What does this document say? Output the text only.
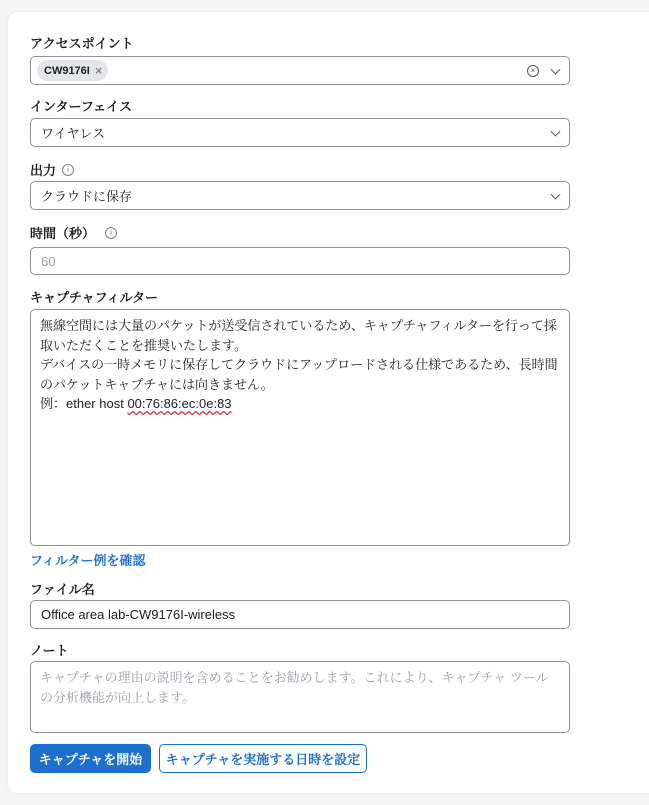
アクセスポイント
CW9176I ×	×
インターフェイス
ワイヤレス
出力	i
クラウドに保存
時間（秒）	i
60
キャプチャフィルター
無線空間には大量のパケットが送受信されているため、キャプチャフィルターを行って採取いただくことを推奨いたします。
デバイスの一時メモリに保存してクラウドにアップロードされる仕様であるため、長時間のパケットキャプチャには向きません。
例：ether host 00:76:86:ec:0e:83
フィルター例を確認
ファイル名
Office area lab-CW9176I-wireless
ノート
キャプチャの理由の説明を含めることをお勧めします。これにより、キャプチャ ツールの分析機能が向上します。
キャプチャを開始	キャプチャを実施する日時を設定
